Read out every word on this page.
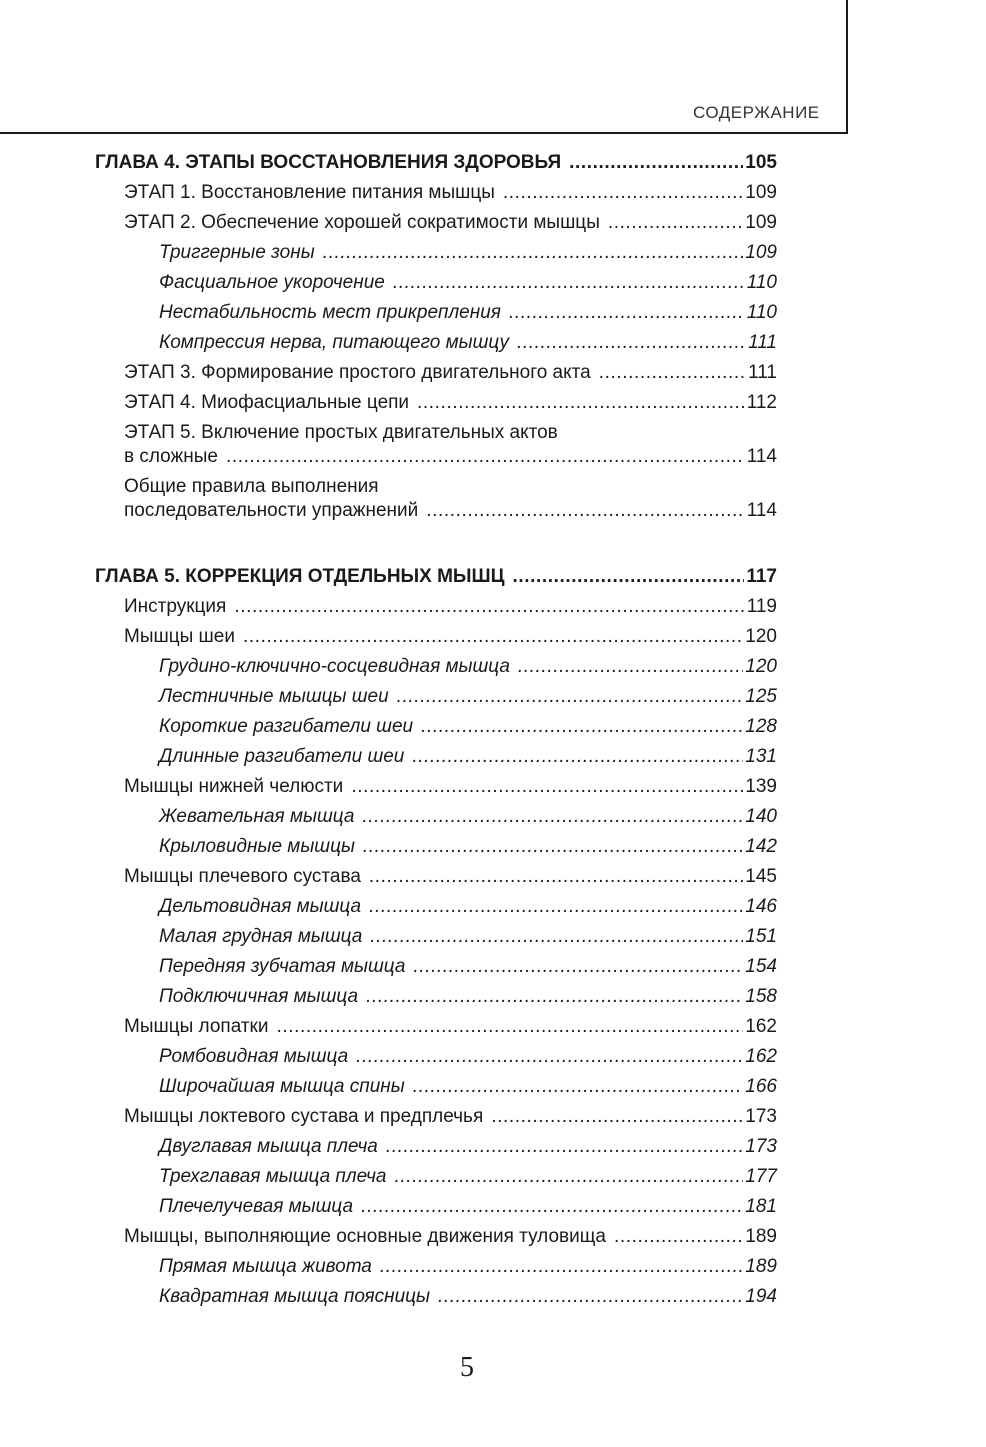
СОДЕРЖАНИЕ
ГЛАВА 4. ЭТАПЫ ВОССТАНОВЛЕНИЯ ЗДОРОВЬЯ .....	105
ЭТАП 1. Восстановление питания мышцы .....	109
ЭТАП 2. Обеспечение хорошей сократимости мышцы .....	109
Триггерные зоны .....	109
Фасциальное укорочение .....	110
Нестабильность мест прикрепления .....	110
Компрессия нерва, питающего мышцу .....	111
ЭТАП 3. Формирование простого двигательного акта .....	111
ЭТАП 4. Миофасциальные цепи .....	112
ЭТАП 5. Включение простых двигательных актов
в сложные .....	114
Общие правила выполнения
последовательности упражнений .....	114
ГЛАВА 5. КОРРЕКЦИЯ ОТДЕЛЬНЫХ МЫШЦ .....	117
Инструкция .....	119
Мышцы шеи .....	120
Грудино-ключично-сосцевидная мышца .....	120
Лестничные мышцы шеи .....	125
Короткие разгибатели шеи .....	128
Длинные разгибатели шеи .....	131
Мышцы нижней челюсти .....	139
Жевательная мышца .....	140
Крыловидные мышцы .....	142
Мышцы плечевого сустава .....	145
Дельтовидная мышца .....	146
Малая грудная мышца .....	151
Передняя зубчатая мышца .....	154
Подключичная мышца .....	158
Мышцы лопатки .....	162
Ромбовидная мышца .....	162
Широчайшая мышца спины .....	166
Мышцы локтевого сустава и предплечья .....	173
Двуглавая мышца плеча .....	173
Трехглавая мышца плеча .....	177
Плечелучевая мышца .....	181
Мышцы, выполняющие основные движения туловища .....	189
Прямая мышца живота .....	189
Квадратная мышца поясницы .....	194
5
